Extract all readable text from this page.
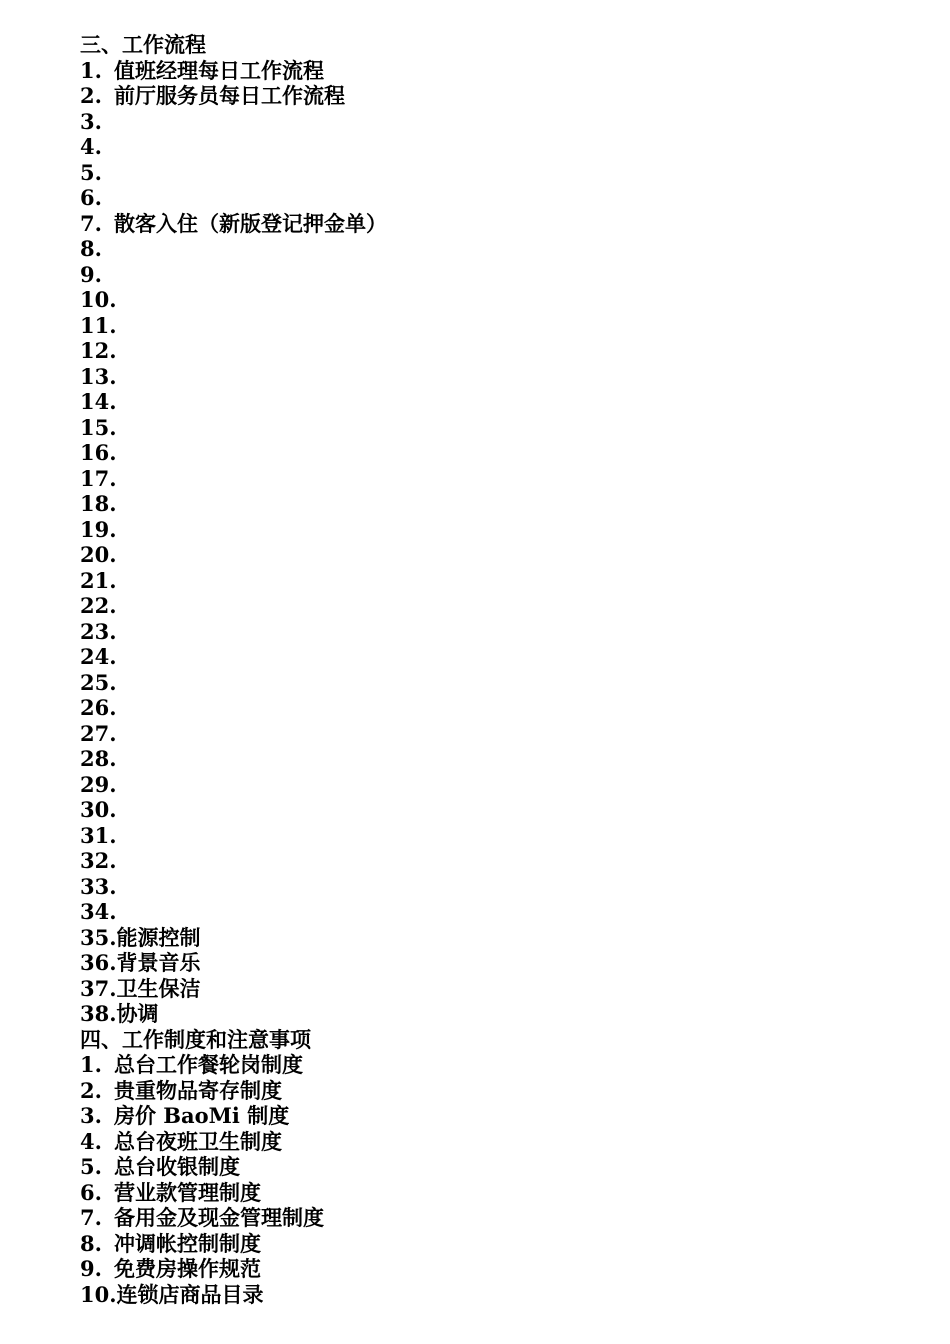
三、工作流程
1. 值班经理每日工作流程
2. 前厅服务员每日工作流程
3.
4.
5.
6.
7. 散客入住（新版登记押金单）
8.
9.
10.
11.
12.
13.
14.
15.
16.
17.
18.
19.
20.
21.
22.
23.
24.
25.
26.
27.
28.
29.
30.
31.
32.
33.
34.
35.能源控制
36.背景音乐
37.卫生保洁
38.协调
四、工作制度和注意事项
1. 总台工作餐轮岗制度
2. 贵重物品寄存制度
3. 房价 BaoMi 制度
4. 总台夜班卫生制度
5. 总台收银制度
6. 营业款管理制度
7. 备用金及现金管理制度
8. 冲调帐控制制度
9. 免费房操作规范
10.连锁店商品目录
